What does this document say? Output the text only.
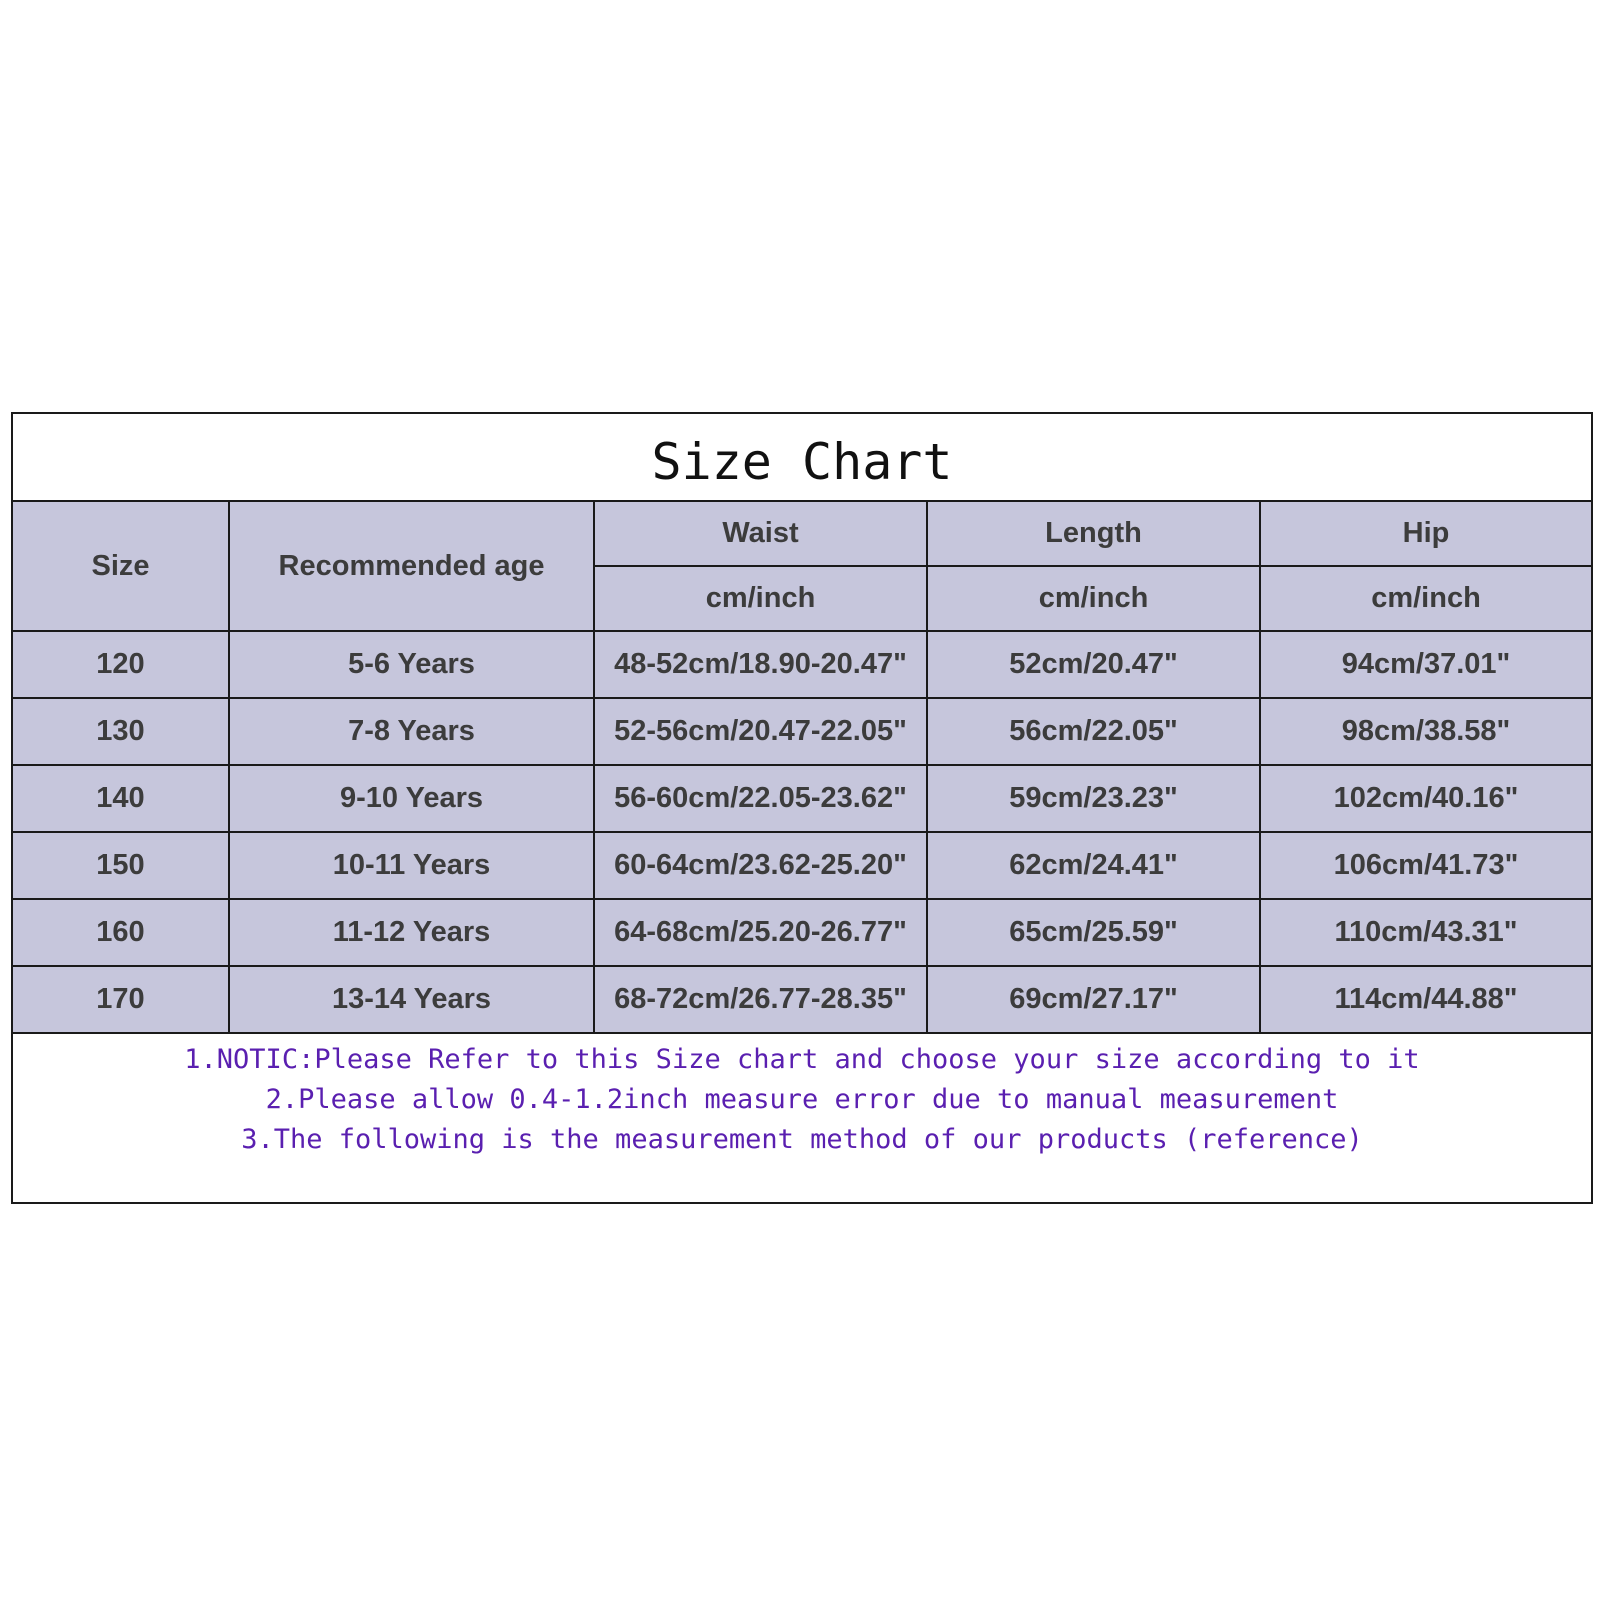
Size Chart
Size	Recommended age	Waist	Length	Hip
		cm/inch	cm/inch	cm/inch
120	5-6 Years	48-52cm/18.90-20.47"	52cm/20.47"	94cm/37.01"
130	7-8 Years	52-56cm/20.47-22.05"	56cm/22.05"	98cm/38.58"
140	9-10 Years	56-60cm/22.05-23.62"	59cm/23.23"	102cm/40.16"
150	10-11 Years	60-64cm/23.62-25.20"	62cm/24.41"	106cm/41.73"
160	11-12 Years	64-68cm/25.20-26.77"	65cm/25.59"	110cm/43.31"
170	13-14 Years	68-72cm/26.77-28.35"	69cm/27.17"	114cm/44.88"
1.NOTIC:Please Refer to this Size chart and choose your size according to it
2.Please allow 0.4-1.2inch measure error due to manual measurement
3.The following is the measurement method of our products (reference)
